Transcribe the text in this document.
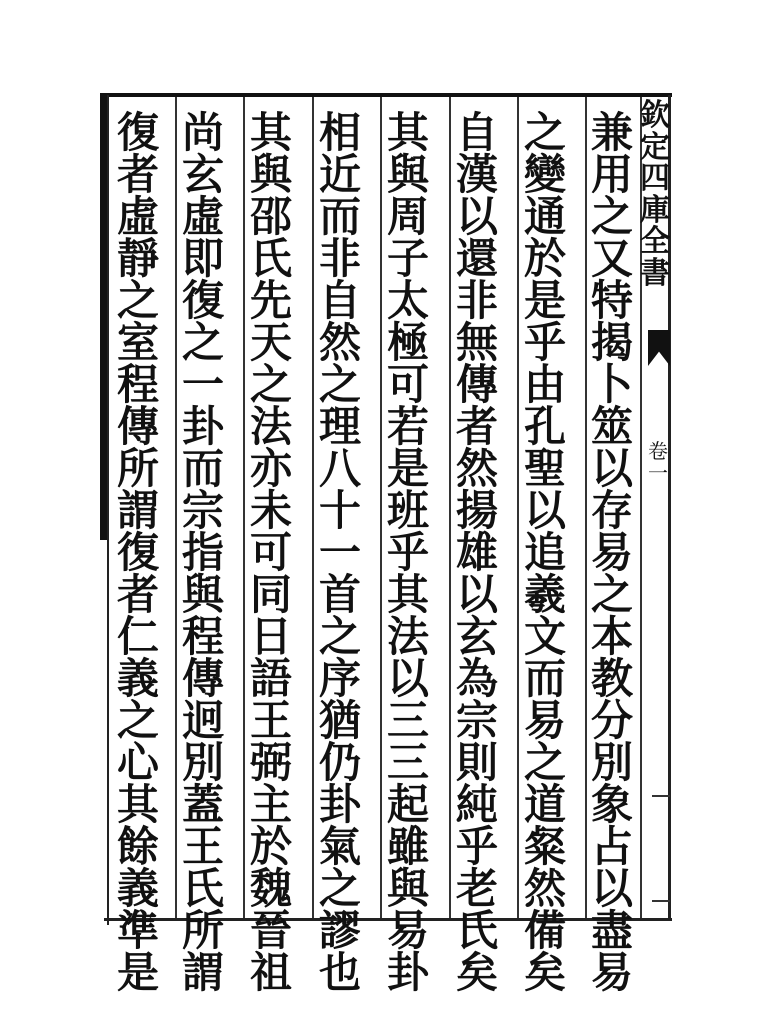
欽
定
四
庫
全
書
卷
一
兼
用
之
又
特
揭
卜
筮
以
存
易
之
本
教
分
別
象
占
以
盡
易
之
變
通
於
是
乎
由
孔
聖
以
追
羲
文
而
易
之
道
粲
然
備
矣
自
漢
以
還
非
無
傳
者
然
揚
雄
以
玄
為
宗
則
純
乎
老
氏
矣
其
與
周
子
太
極
可
若
是
班
乎
其
法
以
三
三
起
雖
與
易
卦
相
近
而
非
自
然
之
理
八
十
一
首
之
序
猶
仍
卦
氣
之
謬
也
其
與
邵
氏
先
天
之
法
亦
未
可
同
日
語
王
弼
主
於
魏
晉
祖
尚
玄
虛
即
復
之
一
卦
而
宗
指
與
程
傳
迥
別
蓋
王
氏
所
謂
復
者
虛
靜
之
室
程
傳
所
謂
復
者
仁
義
之
心
其
餘
義
準
是
